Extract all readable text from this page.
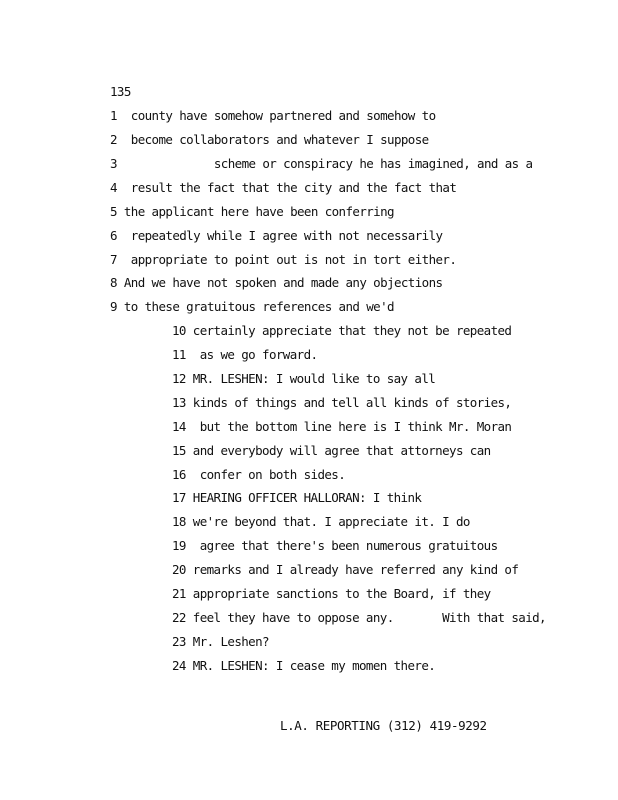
135
1  county have somehow partnered and somehow to
2  become collaborators and whatever I suppose
3              scheme or conspiracy he has imagined, and as a
4  result the fact that the city and the fact that
5 the applicant here have been conferring
6  repeatedly while I agree with not necessarily
7  appropriate to point out is not in tort either.
8 And we have not spoken and made any objections
9 to these gratuitous references and we'd
10 certainly appreciate that they not be repeated
11  as we go forward.
12 MR. LESHEN: I would like to say all
13 kinds of things and tell all kinds of stories,
14  but the bottom line here is I think Mr. Moran
15 and everybody will agree that attorneys can
16  confer on both sides.
17 HEARING OFFICER HALLORAN: I think
18 we're beyond that. I appreciate it. I do
19  agree that there's been numerous gratuitous
20 remarks and I already have referred any kind of
21 appropriate sanctions to the Board, if they
22 feel they have to oppose any.       With that said,
23 Mr. Leshen?
24 MR. LESHEN: I cease my momen there.
L.A. REPORTING (312) 419-9292
